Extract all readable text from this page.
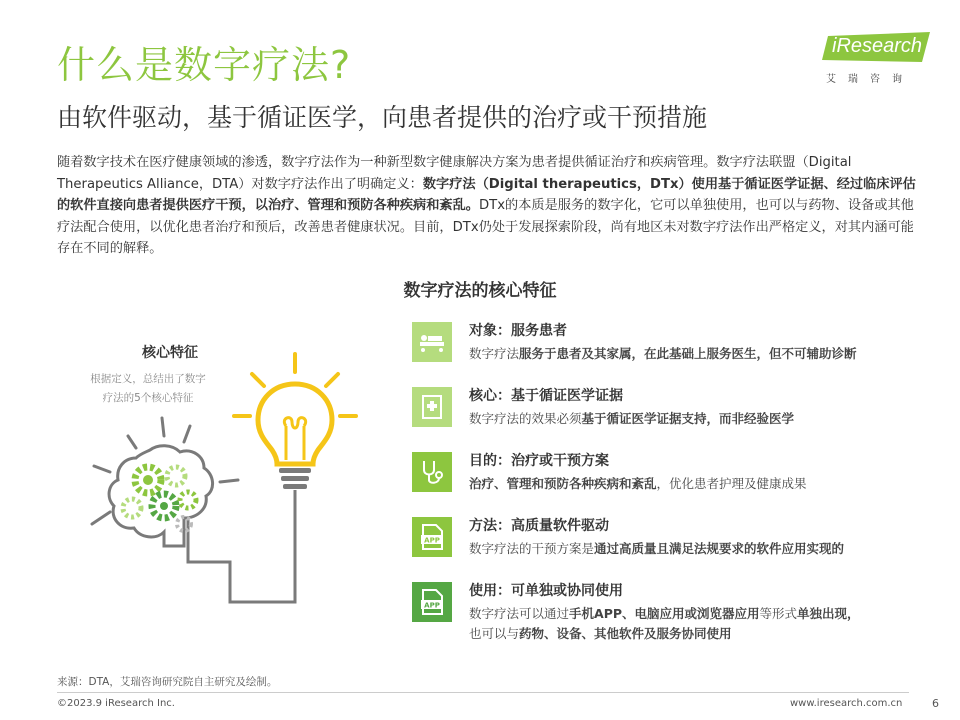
什么是数字疗法?
由软件驱动，基于循证医学，向患者提供的治疗或干预措施
iResearch
艾瑞咨询
随着数字技术在医疗健康领域的渗透，数字疗法作为一种新型数字健康解决方案为患者提供循证治疗和疾病管理。数字疗法联盟（Digital Therapeutics Alliance，DTA）对数字疗法作出了明确定义：数字疗法（Digital therapeutics，DTx）使用基于循证医学证据、经过临床评估的软件直接向患者提供医疗干预，以治疗、管理和预防各种疾病和紊乱。DTx的本质是服务的数字化，它可以单独使用，也可以与药物、设备或其他疗法配合使用，以优化患者治疗和预后，改善患者健康状况。目前，DTx仍处于发展探索阶段，尚有地区未对数字疗法作出严格定义，对其内涵可能存在不同的解释。
数字疗法的核心特征
核心特征
根据定义，总结出了数字疗法的5个核心特征
对象：服务患者
数字疗法服务于患者及其家属，在此基础上服务医生，但不可辅助诊断
核心：基于循证医学证据
数字疗法的效果必须基于循证医学证据支持，而非经验医学
目的：治疗或干预方案
治疗、管理和预防各种疾病和紊乱，优化患者护理及健康成果
APP
方法：高质量软件驱动
数字疗法的干预方案是通过高质量且满足法规要求的软件应用实现的
APP
使用：可单独或协同使用
数字疗法可以通过手机APP、电脑应用或浏览器应用等形式单独出现，
也可以与药物、设备、其他软件及服务协同使用
来源：DTA，艾瑞咨询研究院自主研究及绘制。
©2023.9 iResearch Inc.	www.iresearch.com.cn	6
